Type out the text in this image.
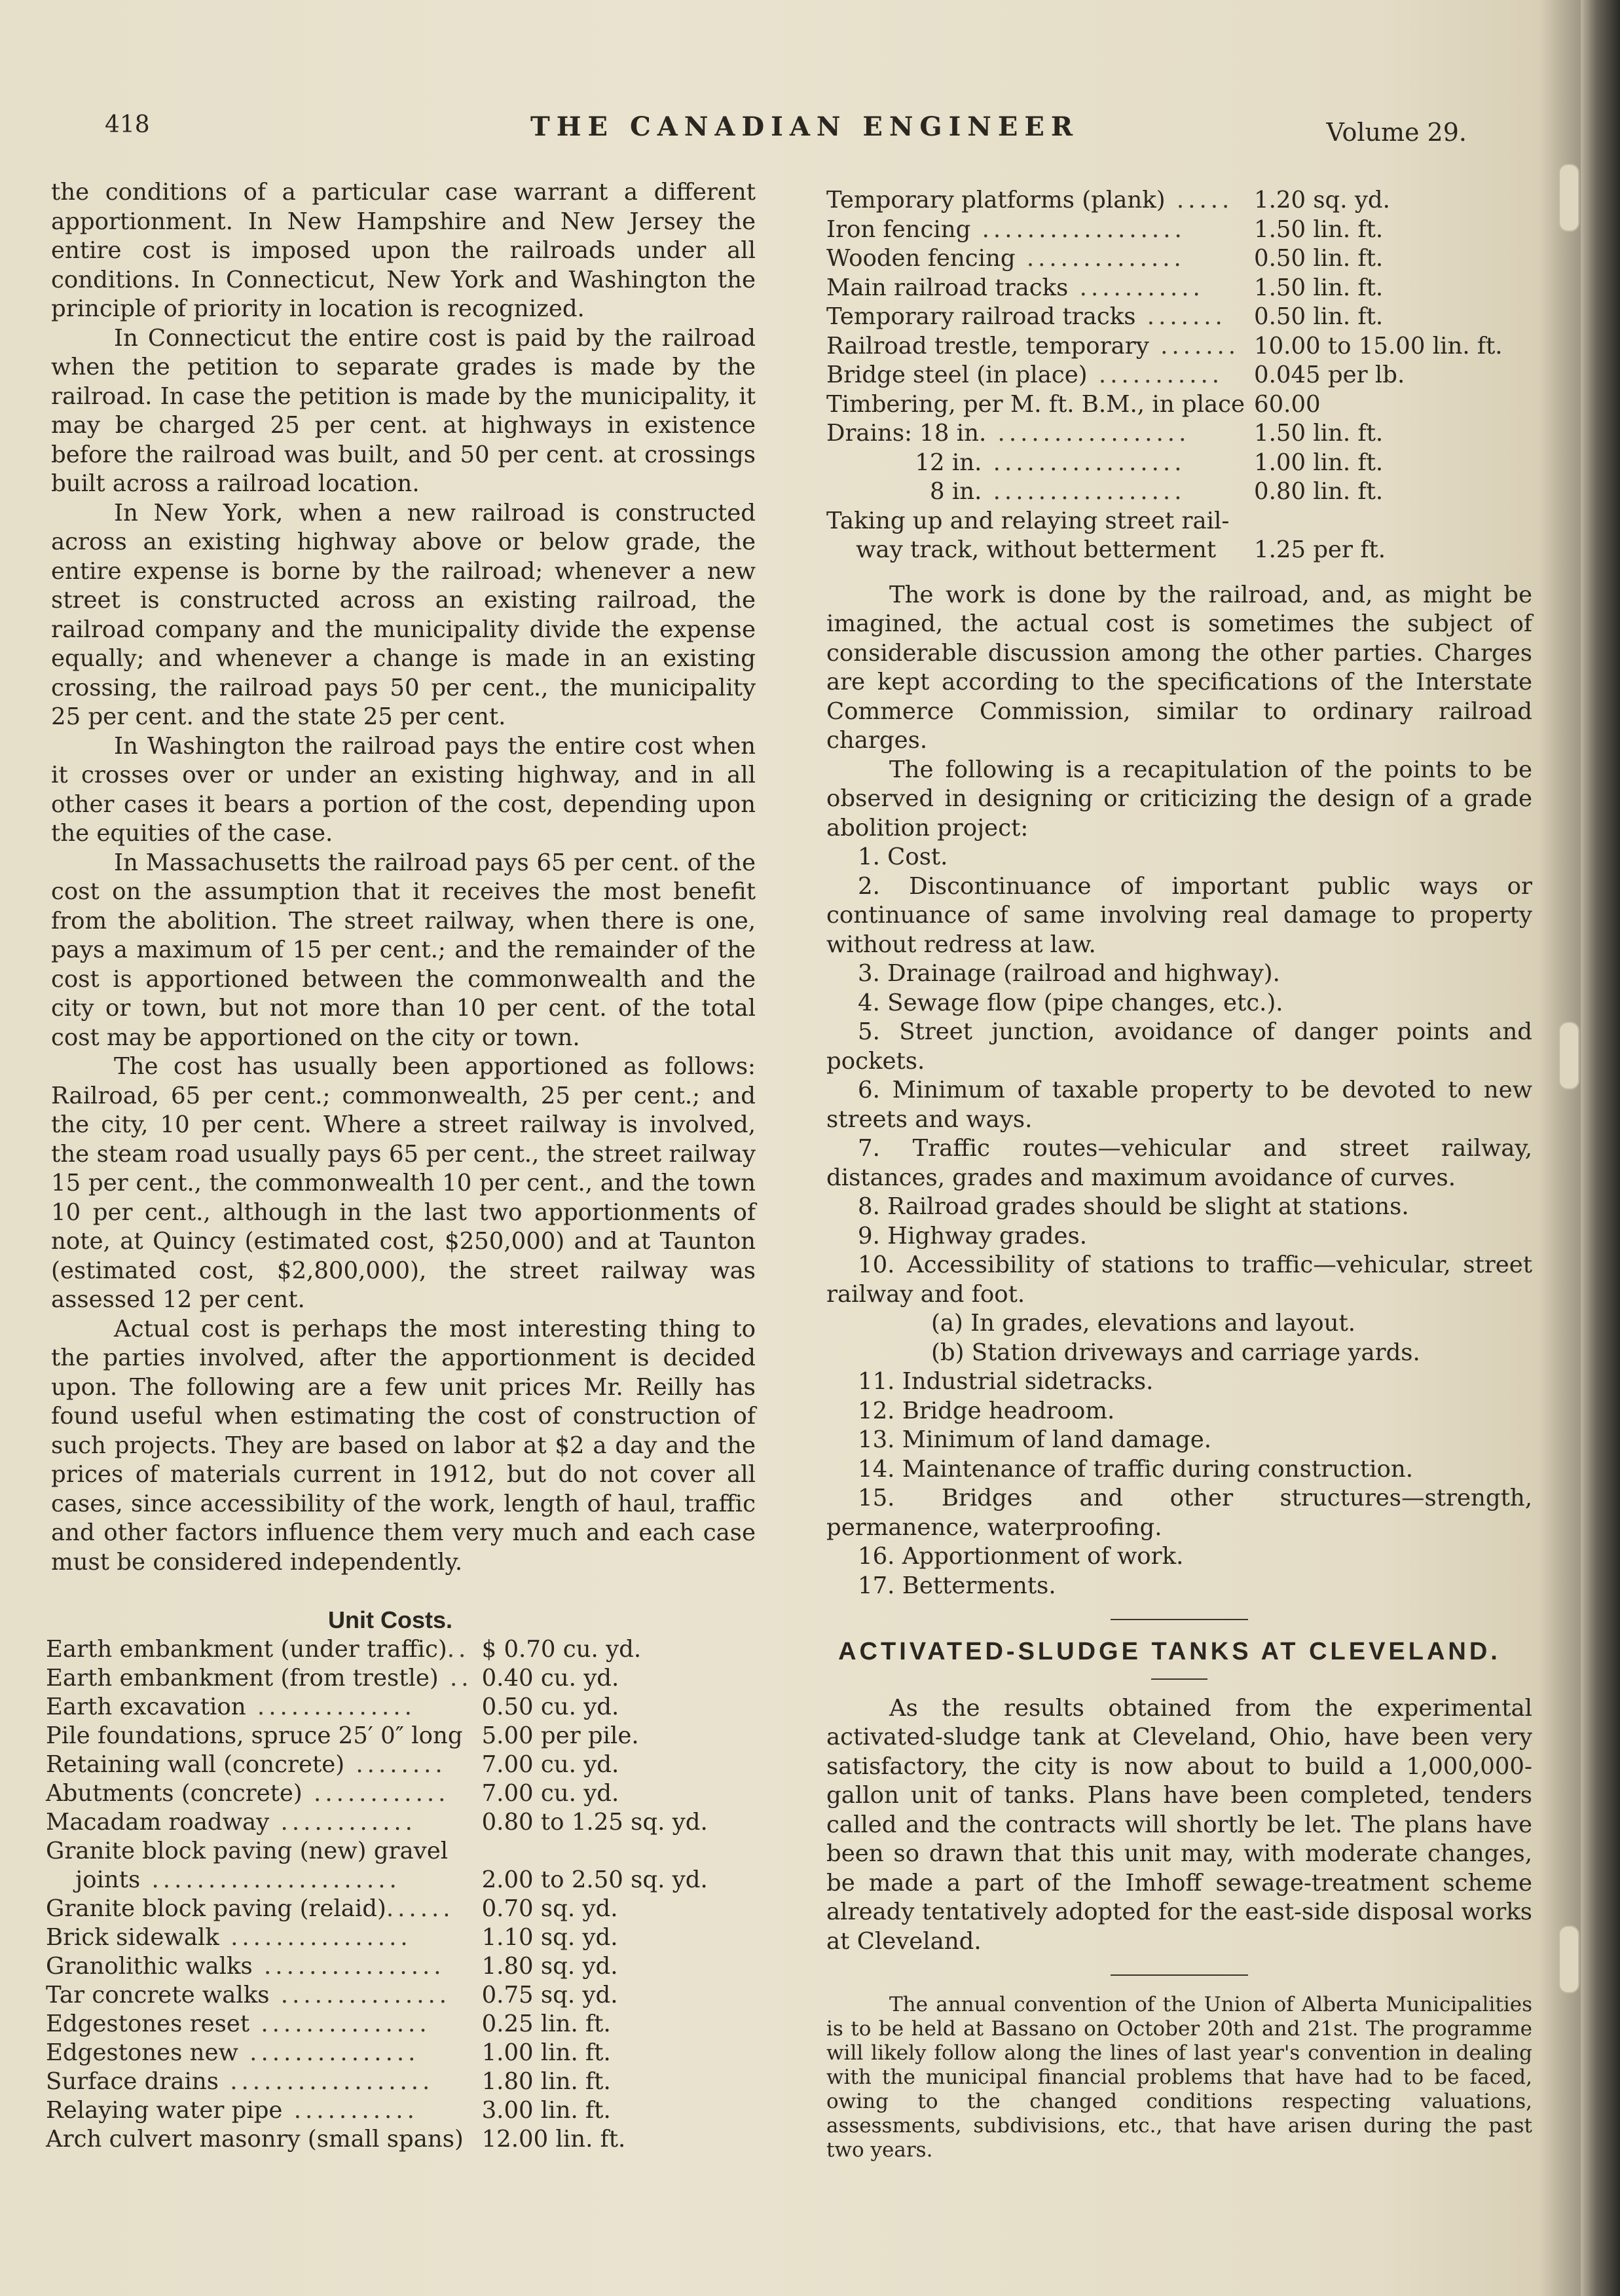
418	THE CANADIAN ENGINEER	Volume 29.

the conditions of a particular case warrant a different apportionment. In New Hampshire and New Jersey the entire cost is imposed upon the railroads under all conditions. In Connecticut, New York and Washington the principle of priority in location is recognized.

In Connecticut the entire cost is paid by the railroad when the petition to separate grades is made by the railroad. In case the petition is made by the municipality, it may be charged 25 per cent. at highways in existence before the railroad was built, and 50 per cent. at crossings built across a railroad location.

In New York, when a new railroad is constructed across an existing highway above or below grade, the entire expense is borne by the railroad; whenever a new street is constructed across an existing railroad, the railroad company and the municipality divide the expense equally; and whenever a change is made in an existing crossing, the railroad pays 50 per cent., the municipality 25 per cent. and the state 25 per cent.

In Washington the railroad pays the entire cost when it crosses over or under an existing highway, and in all other cases it bears a portion of the cost, depending upon the equities of the case.

In Massachusetts the railroad pays 65 per cent. of the cost on the assumption that it receives the most benefit from the abolition. The street railway, when there is one, pays a maximum of 15 per cent.; and the remainder of the cost is apportioned between the commonwealth and the city or town, but not more than 10 per cent. of the total cost may be apportioned on the city or town.

The cost has usually been apportioned as follows: Railroad, 65 per cent.; commonwealth, 25 per cent.; and the city, 10 per cent. Where a street railway is involved, the steam road usually pays 65 per cent., the street railway 15 per cent., the commonwealth 10 per cent., and the town 10 per cent., although in the last two apportionments of note, at Quincy (estimated cost, $250,000) and at Taunton (estimated cost, $2,800,000), the street railway was assessed 12 per cent.

Actual cost is perhaps the most interesting thing to the parties involved, after the apportionment is decided upon. The following are a few unit prices Mr. Reilly has found useful when estimating the cost of construction of such projects. They are based on labor at $2 a day and the prices of materials current in 1912, but do not cover all cases, since accessibility of the work, length of haul, traffic and other factors influence them very much and each case must be considered independently.

Unit Costs.
Earth embankment (under traffic)..	$ 0.70 cu. yd.
Earth embankment (from trestle) ..	0.40 cu. yd.
Earth excavation ..............	0.50 cu. yd.
Pile foundations, spruce 25′ 0″ long	5.00 per pile.
Retaining wall (concrete) ........	7.00 cu. yd.
Abutments (concrete) ............	7.00 cu. yd.
Macadam roadway ............	0.80 to 1.25 sq. yd.
Granite block paving (new) gravel	
joints ......................	2.00 to 2.50 sq. yd.
Granite block paving (relaid)......	0.70 sq. yd.
Brick sidewalk ................	1.10 sq. yd.
Granolithic walks ................	1.80 sq. yd.
Tar concrete walks ...............	0.75 sq. yd.
Edgestones reset ...............	0.25 lin. ft.
Edgestones new ...............	1.00 lin. ft.
Surface drains ..................	1.80 lin. ft.
Relaying water pipe ...........	3.00 lin. ft.
Arch culvert masonry (small spans)	12.00 lin. ft.
Temporary platforms (plank) .....	1.20 sq. yd.
Iron fencing ..................	1.50 lin. ft.
Wooden fencing ..............	0.50 lin. ft.
Main railroad tracks ...........	1.50 lin. ft.
Temporary railroad tracks .......	0.50 lin. ft.
Railroad trestle, temporary .......	10.00 to 15.00 lin. ft.
Bridge steel (in place) ...........	0.045 per lb.
Timbering, per M. ft. B.M., in place	60.00
Drains: 18 in. .................	1.50 lin. ft.
12 in. .................	1.00 lin. ft.
8 in. .................	0.80 lin. ft.
Taking up and relaying street rail-	
way track, without betterment	1.25 per ft.

The work is done by the railroad, and, as might be imagined, the actual cost is sometimes the subject of considerable discussion among the other parties. Charges are kept according to the specifications of the Interstate Commerce Commission, similar to ordinary railroad charges.

The following is a recapitulation of the points to be observed in designing or criticizing the design of a grade abolition project:

1. Cost.

2. Discontinuance of important public ways or continuance of same involving real damage to property without redress at law.

3. Drainage (railroad and highway).

4. Sewage flow (pipe changes, etc.).

5. Street junction, avoidance of danger points and pockets.

6. Minimum of taxable property to be devoted to new streets and ways.

7. Traffic routes—vehicular and street railway, distances, grades and maximum avoidance of curves.

8. Railroad grades should be slight at stations.

9. Highway grades.

10. Accessibility of stations to traffic—vehicular, street railway and foot.

(a) In grades, elevations and layout.

(b) Station driveways and carriage yards.

11. Industrial sidetracks.

12. Bridge headroom.

13. Minimum of land damage.

14. Maintenance of traffic during construction.

15. Bridges and other structures—strength, permanence, waterproofing.

16. Apportionment of work.

17. Betterments.

ACTIVATED-SLUDGE TANKS AT CLEVELAND.

As the results obtained from the experimental activated-sludge tank at Cleveland, Ohio, have been very satisfactory, the city is now about to build a 1,000,000-gallon unit of tanks. Plans have been completed, tenders called and the contracts will shortly be let. The plans have been so drawn that this unit may, with moderate changes, be made a part of the Imhoff sewage-treatment scheme already tentatively adopted for the east-side disposal works at Cleveland.

The annual convention of the Union of Alberta Municipalities is to be held at Bassano on October 20th and 21st. The programme will likely follow along the lines of last year's convention in dealing with the municipal financial problems that have had to be faced, owing to the changed conditions respecting valuations, assessments, subdivisions, etc., that have arisen during the past two years.
